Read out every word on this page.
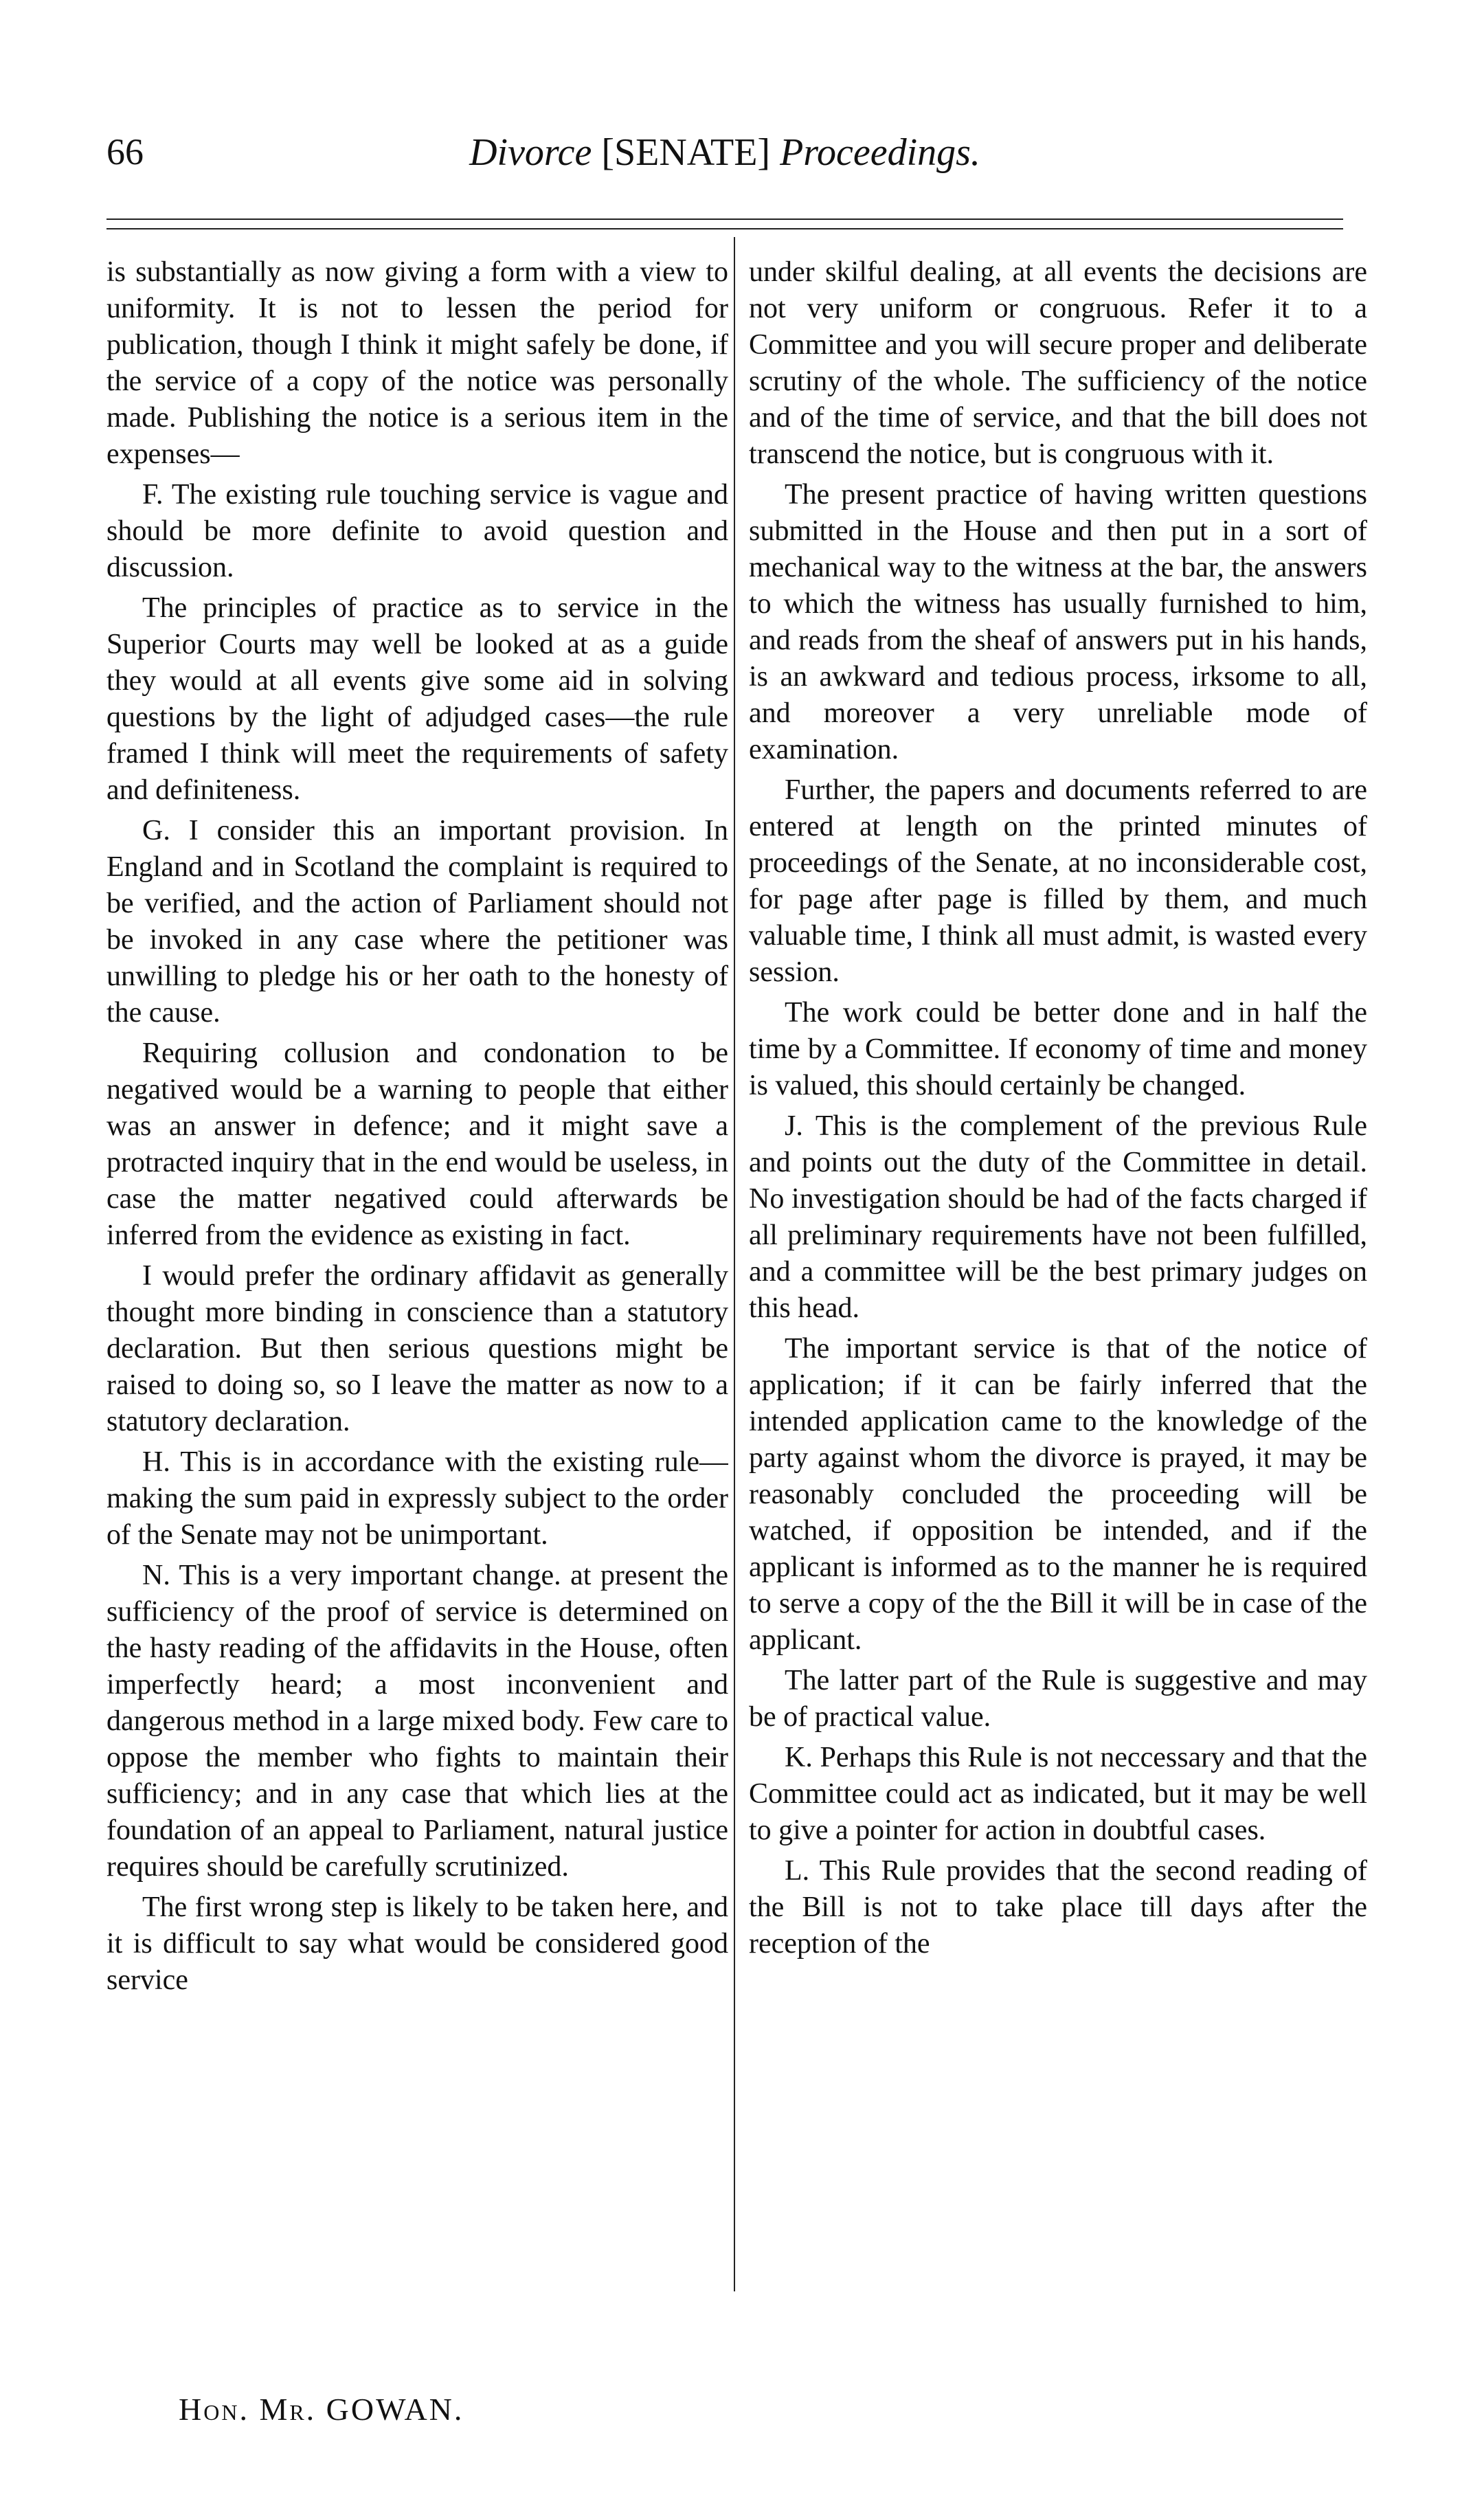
66	Divorce [SENATE] Proceedings.

is substantially as now giving a form with a view to uniformity. It is not to lessen the period for publication, though I think it might safely be done, if the service of a copy of the notice was personally made. Publishing the notice is a serious item in the expenses—

F. The existing rule touching service is vague and should be more definite to avoid question and discussion.

The principles of practice as to service in the Superior Courts may well be looked at as a guide they would at all events give some aid in solving questions by the light of adjudged cases—the rule framed I think will meet the requirements of safety and definiteness.

G. I consider this an important provision. In England and in Scotland the complaint is required to be verified, and the action of Parliament should not be invoked in any case where the petitioner was unwilling to pledge his or her oath to the honesty of the cause.

Requiring collusion and condonation to be negatived would be a warning to people that either was an answer in defence; and it might save a protracted inquiry that in the end would be useless, in case the matter negatived could afterwards be inferred from the evidence as existing in fact.

I would prefer the ordinary affidavit as generally thought more binding in conscience than a statutory declaration. But then serious questions might be raised to doing so, so I leave the matter as now to a statutory declaration.

H. This is in accordance with the existing rule—making the sum paid in expressly subject to the order of the Senate may not be unimportant.

N. This is a very important change. at present the sufficiency of the proof of service is determined on the hasty reading of the affidavits in the House, often imperfectly heard; a most inconvenient and dangerous method in a large mixed body. Few care to oppose the member who fights to maintain their sufficiency; and in any case that which lies at the foundation of an appeal to Parliament, natural justice requires should be carefully scrutinized.

The first wrong step is likely to be taken here, and it is difficult to say what would be considered good service

under skilful dealing, at all events the decisions are not very uniform or congruous. Refer it to a Committee and you will secure proper and deliberate scrutiny of the whole. The sufficiency of the notice and of the time of service, and that the bill does not transcend the notice, but is congruous with it.

The present practice of having written questions submitted in the House and then put in a sort of mechanical way to the witness at the bar, the answers to which the witness has usually furnished to him, and reads from the sheaf of answers put in his hands, is an awkward and tedious process, irksome to all, and moreover a very unreliable mode of examination.

Further, the papers and documents referred to are entered at length on the printed minutes of proceedings of the Senate, at no inconsiderable cost, for page after page is filled by them, and much valuable time, I think all must admit, is wasted every session.

The work could be better done and in half the time by a Committee. If economy of time and money is valued, this should certainly be changed.

J. This is the complement of the previous Rule and points out the duty of the Committee in detail. No investigation should be had of the facts charged if all preliminary requirements have not been fulfilled, and a committee will be the best primary judges on this head.

The important service is that of the notice of application; if it can be fairly inferred that the intended application came to the knowledge of the party against whom the divorce is prayed, it may be reasonably concluded the proceeding will be watched, if opposition be intended, and if the applicant is informed as to the manner he is required to serve a copy of the the Bill it will be in case of the applicant.

The latter part of the Rule is suggestive and may be of practical value.

K. Perhaps this Rule is not neccessary and that the Committee could act as indicated, but it may be well to give a pointer for action in doubtful cases.

L. This Rule provides that the second reading of the Bill is not to take place till days after the reception of the

Hon. Mr. GOWAN.
